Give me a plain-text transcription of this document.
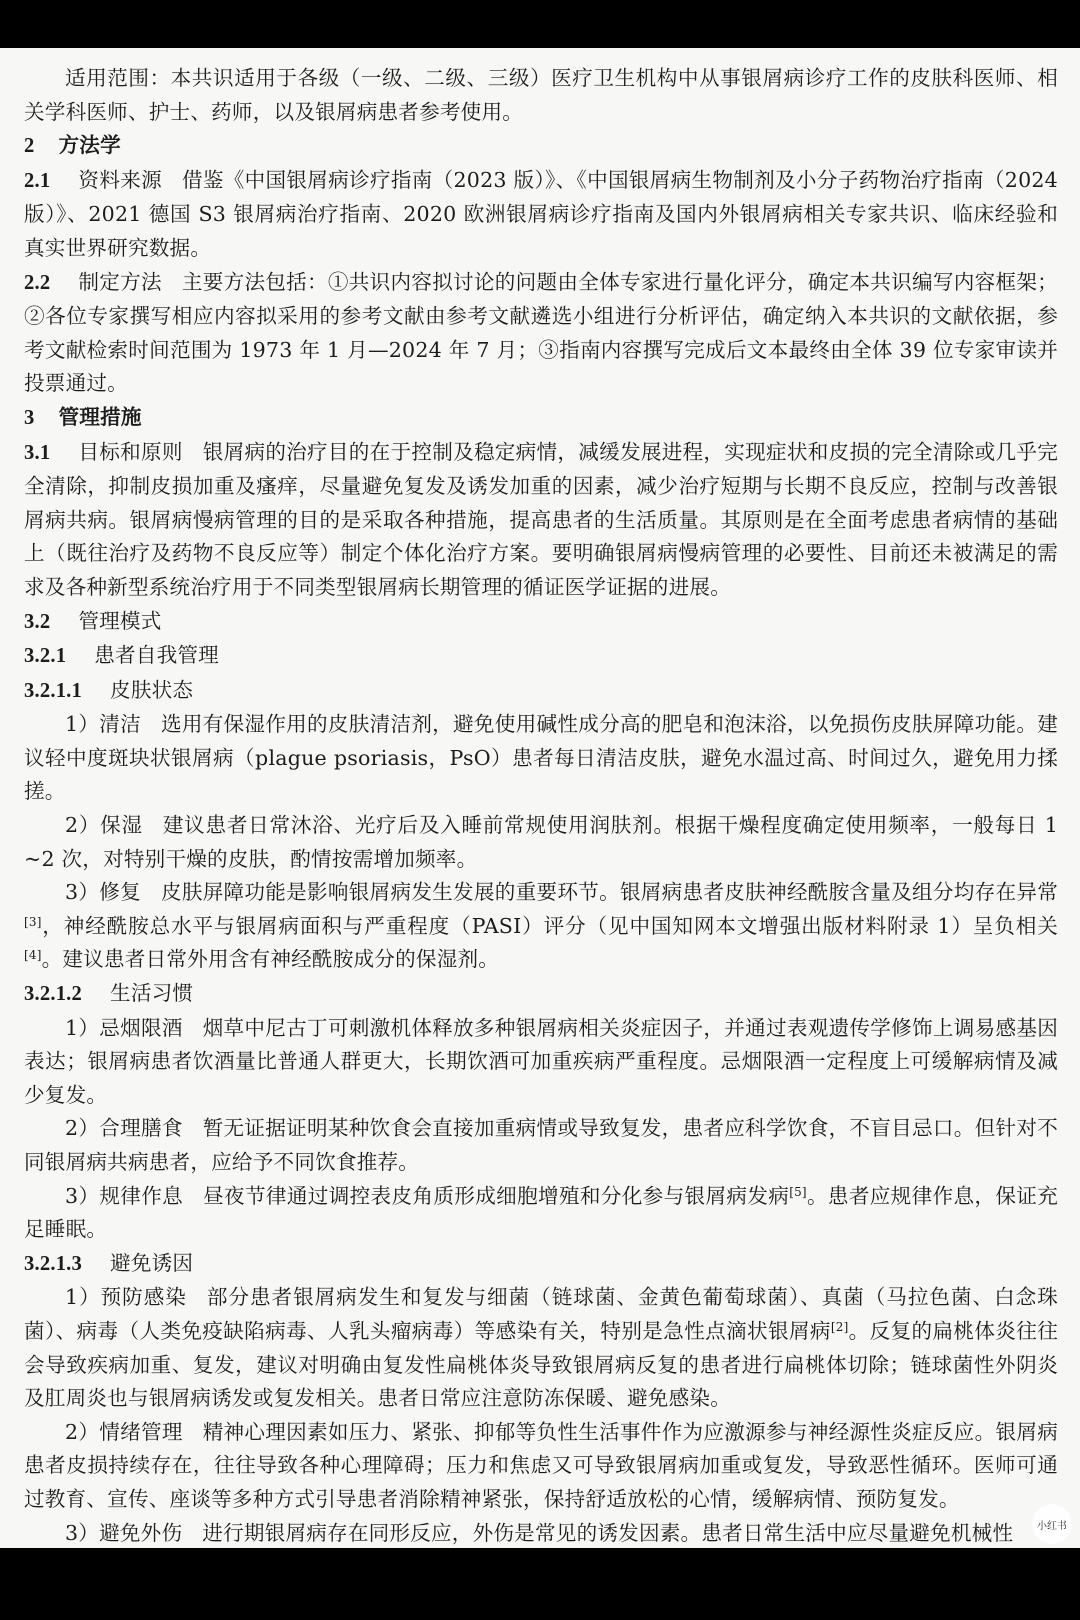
适用范围：本共识适用于各级（一级、二级、三级）医疗卫生机构中从事银屑病诊疗工作的皮肤科医师、相关学科医师、护士、药师，以及银屑病患者参考使用。

2 方法学

2.1 资料来源 借鉴《中国银屑病诊疗指南（2023 版）》、《中国银屑病生物制剂及小分子药物治疗指南（2024 版）》、2021 德国 S3 银屑病治疗指南、2020 欧洲银屑病诊疗指南及国内外银屑病相关专家共识、临床经验和真实世界研究数据。

2.2 制定方法 主要方法包括：①共识内容拟讨论的问题由全体专家进行量化评分，确定本共识编写内容框架；②各位专家撰写相应内容拟采用的参考文献由参考文献遴选小组进行分析评估，确定纳入本共识的文献依据，参考文献检索时间范围为 1973 年 1 月—2024 年 7 月；③指南内容撰写完成后文本最终由全体 39 位专家审读并投票通过。

3 管理措施

3.1 目标和原则 银屑病的治疗目的在于控制及稳定病情，减缓发展进程，实现症状和皮损的完全清除或几乎完全清除，抑制皮损加重及瘙痒，尽量避免复发及诱发加重的因素，减少治疗短期与长期不良反应，控制与改善银屑病共病。银屑病慢病管理的目的是采取各种措施，提高患者的生活质量。其原则是在全面考虑患者病情的基础上（既往治疗及药物不良反应等）制定个体化治疗方案。要明确银屑病慢病管理的必要性、目前还未被满足的需求及各种新型系统治疗用于不同类型银屑病长期管理的循证医学证据的进展。

3.2 管理模式

3.2.1 患者自我管理

3.2.1.1 皮肤状态

1）清洁 选用有保湿作用的皮肤清洁剂，避免使用碱性成分高的肥皂和泡沫浴，以免损伤皮肤屏障功能。建议轻中度斑块状银屑病（plague psoriasis，PsO）患者每日清洁皮肤，避免水温过高、时间过久，避免用力揉搓。

2）保湿 建议患者日常沐浴、光疗后及入睡前常规使用润肤剂。根据干燥程度确定使用频率，一般每日 1 ~2 次，对特别干燥的皮肤，酌情按需增加频率。

3）修复 皮肤屏障功能是影响银屑病发生发展的重要环节。银屑病患者皮肤神经酰胺含量及组分均存在异常[3]，神经酰胺总水平与银屑病面积与严重程度（PASI）评分（见中国知网本文增强出版材料附录 1）呈负相关[4]。建议患者日常外用含有神经酰胺成分的保湿剂。

3.2.1.2 生活习惯

1）忌烟限酒 烟草中尼古丁可刺激机体释放多种银屑病相关炎症因子，并通过表观遗传学修饰上调易感基因表达；银屑病患者饮酒量比普通人群更大，长期饮酒可加重疾病严重程度。忌烟限酒一定程度上可缓解病情及减少复发。

2）合理膳食 暂无证据证明某种饮食会直接加重病情或导致复发，患者应科学饮食，不盲目忌口。但针对不同银屑病共病患者，应给予不同饮食推荐。

3）规律作息 昼夜节律通过调控表皮角质形成细胞增殖和分化参与银屑病发病[5]。患者应规律作息，保证充足睡眠。

3.2.1.3 避免诱因

1）预防感染 部分患者银屑病发生和复发与细菌（链球菌、金黄色葡萄球菌）、真菌（马拉色菌、白念珠菌）、病毒（人类免疫缺陷病毒、人乳头瘤病毒）等感染有关，特别是急性点滴状银屑病[2]。反复的扁桃体炎往往会导致疾病加重、复发，建议对明确由复发性扁桃体炎导致银屑病反复的患者进行扁桃体切除；链球菌性外阴炎及肛周炎也与银屑病诱发或复发相关。患者日常应注意防冻保暖、避免感染。

2）情绪管理 精神心理因素如压力、紧张、抑郁等负性生活事件作为应激源参与神经源性炎症反应。银屑病患者皮损持续存在，往往导致各种心理障碍；压力和焦虑又可导致银屑病加重或复发，导致恶性循环。医师可通过教育、宣传、座谈等多种方式引导患者消除精神紧张，保持舒适放松的心情，缓解病情、预防复发。

3）避免外伤 进行期银屑病存在同形反应，外伤是常见的诱发因素。患者日常生活中应尽量避免机械性	小红书
